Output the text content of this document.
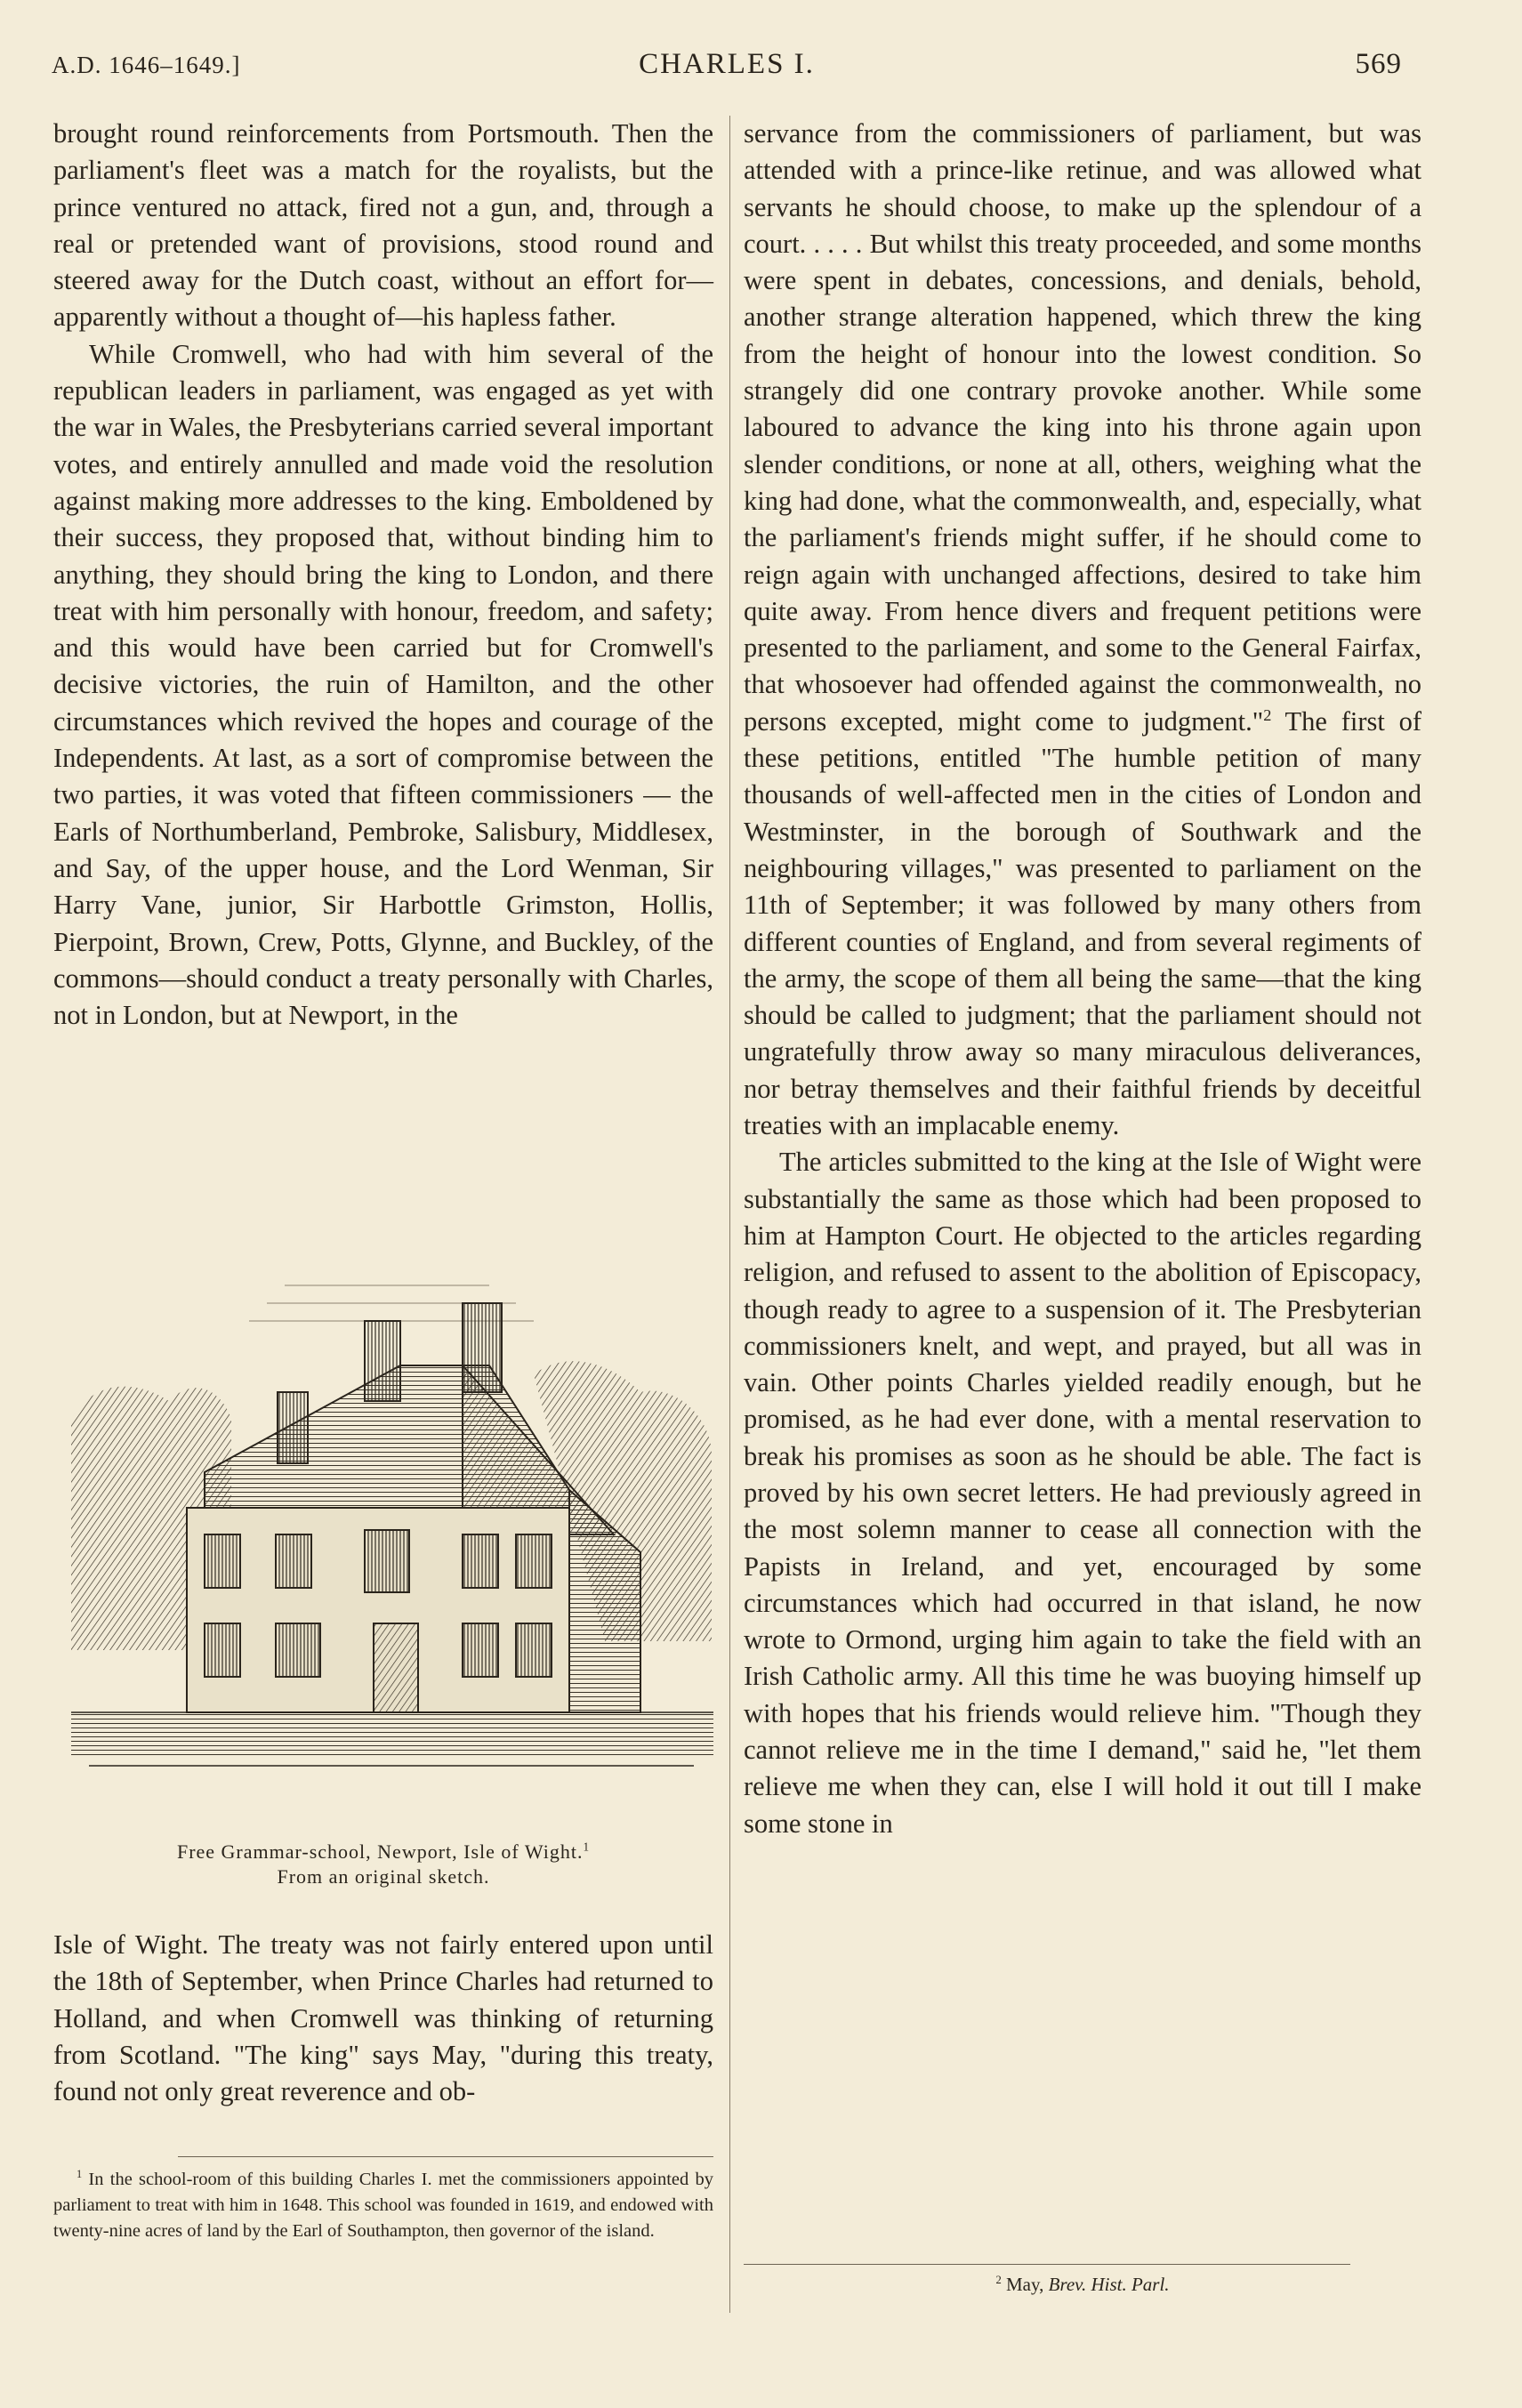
A.D. 1646–1649.]	CHARLES I.	569

brought round reinforcements from Portsmouth. Then the parliament's fleet was a match for the royalists, but the prince ventured no attack, fired not a gun, and, through a real or pretended want of provisions, stood round and steered away for the Dutch coast, without an effort for—apparently without a thought of—his hapless father.

While Cromwell, who had with him several of the republican leaders in parliament, was engaged as yet with the war in Wales, the Presbyterians carried several important votes, and entirely annulled and made void the resolution against making more addresses to the king. Emboldened by their success, they proposed that, without binding him to anything, they should bring the king to London, and there treat with him personally with honour, freedom, and safety; and this would have been carried but for Cromwell's decisive victories, the ruin of Hamilton, and the other circumstances which revived the hopes and courage of the Independents. At last, as a sort of compromise between the two parties, it was voted that fifteen commissioners — the Earls of Northumberland, Pembroke, Salisbury, Middlesex, and Say, of the upper house, and the Lord Wenman, Sir Harry Vane, junior, Sir Harbottle Grimston, Hollis, Pierpoint, Brown, Crew, Potts, Glynne, and Buckley, of the commons—should conduct a treaty personally with Charles, not in London, but at Newport, in the

Free Grammar-school, Newport, Isle of Wight.$^1$
From an original sketch.

Isle of Wight. The treaty was not fairly entered upon until the 18th of September, when Prince Charles had returned to Holland, and when Cromwell was thinking of returning from Scotland. "The king" says May, "during this treaty, found not only great reverence and ob-

$^1$ In the school-room of this building Charles I. met the commissioners appointed by parliament to treat with him in 1648. This school was founded in 1619, and endowed with twenty-nine acres of land by the Earl of Southampton, then governor of the island.

servance from the commissioners of parliament, but was attended with a prince-like retinue, and was allowed what servants he should choose, to make up the splendour of a court. . . . . But whilst this treaty proceeded, and some months were spent in debates, concessions, and denials, behold, another strange alteration happened, which threw the king from the height of honour into the lowest condition. So strangely did one contrary provoke another. While some laboured to advance the king into his throne again upon slender conditions, or none at all, others, weighing what the king had done, what the commonwealth, and, especially, what the parliament's friends might suffer, if he should come to reign again with unchanged affections, desired to take him quite away. From hence divers and frequent petitions were presented to the parliament, and some to the General Fairfax, that whosoever had offended against the commonwealth, no persons excepted, might come to judgment."$^2$ The first of these petitions, entitled "The humble petition of many thousands of well-affected men in the cities of London and Westminster, in the borough of Southwark and the neighbouring villages," was presented to parliament on the 11th of September; it was followed by many others from different counties of England, and from several regiments of the army, the scope of them all being the same—that the king should be called to judgment; that the parliament should not ungratefully throw away so many miraculous deliverances, nor betray themselves and their faithful friends by deceitful treaties with an implacable enemy.

The articles submitted to the king at the Isle of Wight were substantially the same as those which had been proposed to him at Hampton Court. He objected to the articles regarding religion, and refused to assent to the abolition of Episcopacy, though ready to agree to a suspension of it. The Presbyterian commissioners knelt, and wept, and prayed, but all was in vain. Other points Charles yielded readily enough, but he promised, as he had ever done, with a mental reservation to break his promises as soon as he should be able. The fact is proved by his own secret letters. He had previously agreed in the most solemn manner to cease all connection with the Papists in Ireland, and yet, encouraged by some circumstances which had occurred in that island, he now wrote to Ormond, urging him again to take the field with an Irish Catholic army. All this time he was buoying himself up with hopes that his friends would relieve him. "Though they cannot relieve me in the time I demand," said he, "let them relieve me when they can, else I will hold it out till I make some stone in

$^2$ May, Brev. Hist. Parl.
